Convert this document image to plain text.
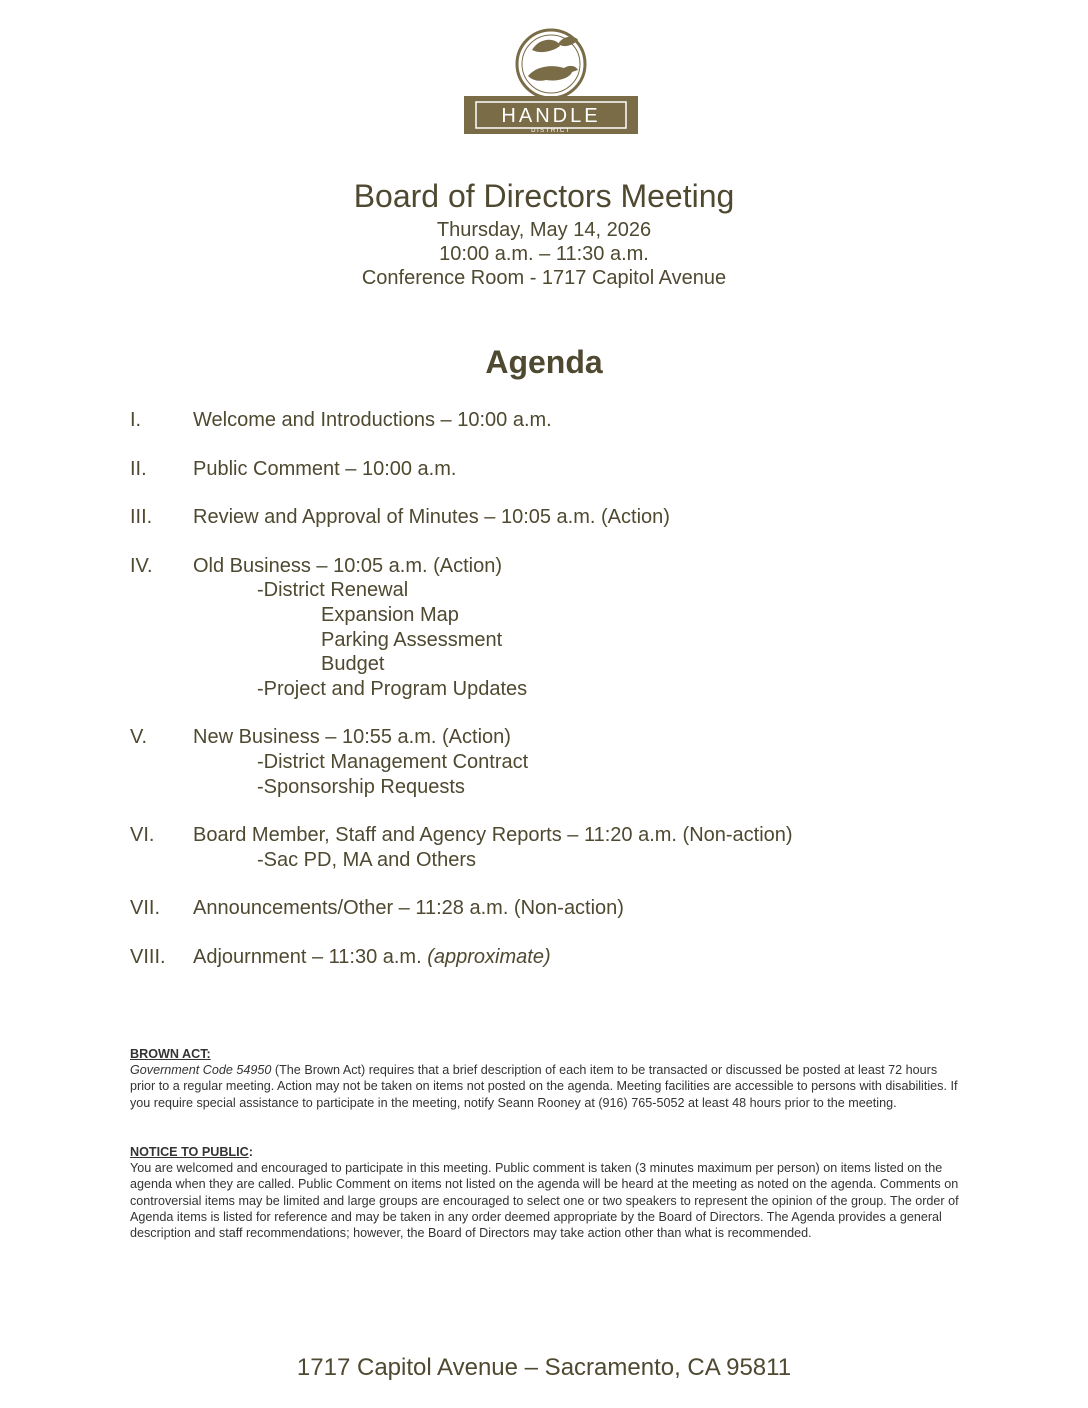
HANDLE
DISTRICT
Board of Directors Meeting
Thursday, May 14, 2026
10:00 a.m. – 11:30 a.m.
Conference Room - 1717 Capitol Avenue
Agenda
I.	Welcome and Introductions – 10:00 a.m.
II.	Public Comment – 10:00 a.m.
III.	Review and Approval of Minutes – 10:05 a.m. (Action)
IV.	Old Business – 10:05 a.m. (Action)
-District Renewal
Expansion Map
Parking Assessment
Budget
-Project and Program Updates
V.	New Business – 10:55 a.m. (Action)
-District Management Contract
-Sponsorship Requests
VI.	Board Member, Staff and Agency Reports – 11:20 a.m. (Non-action)
-Sac PD, MA and Others
VII.	Announcements/Other – 11:28 a.m. (Non-action)
VIII.	Adjournment – 11:30 a.m. (approximate)
BROWN ACT:
Government Code 54950 (The Brown Act) requires that a brief description of each item to be transacted or discussed be posted at least 72 hours prior to a regular meeting. Action may not be taken on items not posted on the agenda. Meeting facilities are accessible to persons with disabilities. If you require special assistance to participate in the meeting, notify Seann Rooney at (916) 765-5052 at least 48 hours prior to the meeting.
NOTICE TO PUBLIC:
You are welcomed and encouraged to participate in this meeting. Public comment is taken (3 minutes maximum per person) on items listed on the agenda when they are called. Public Comment on items not listed on the agenda will be heard at the meeting as noted on the agenda. Comments on controversial items may be limited and large groups are encouraged to select one or two speakers to represent the opinion of the group. The order of Agenda items is listed for reference and may be taken in any order deemed appropriate by the Board of Directors. The Agenda provides a general description and staff recommendations; however, the Board of Directors may take action other than what is recommended.
1717 Capitol Avenue – Sacramento, CA 95811
